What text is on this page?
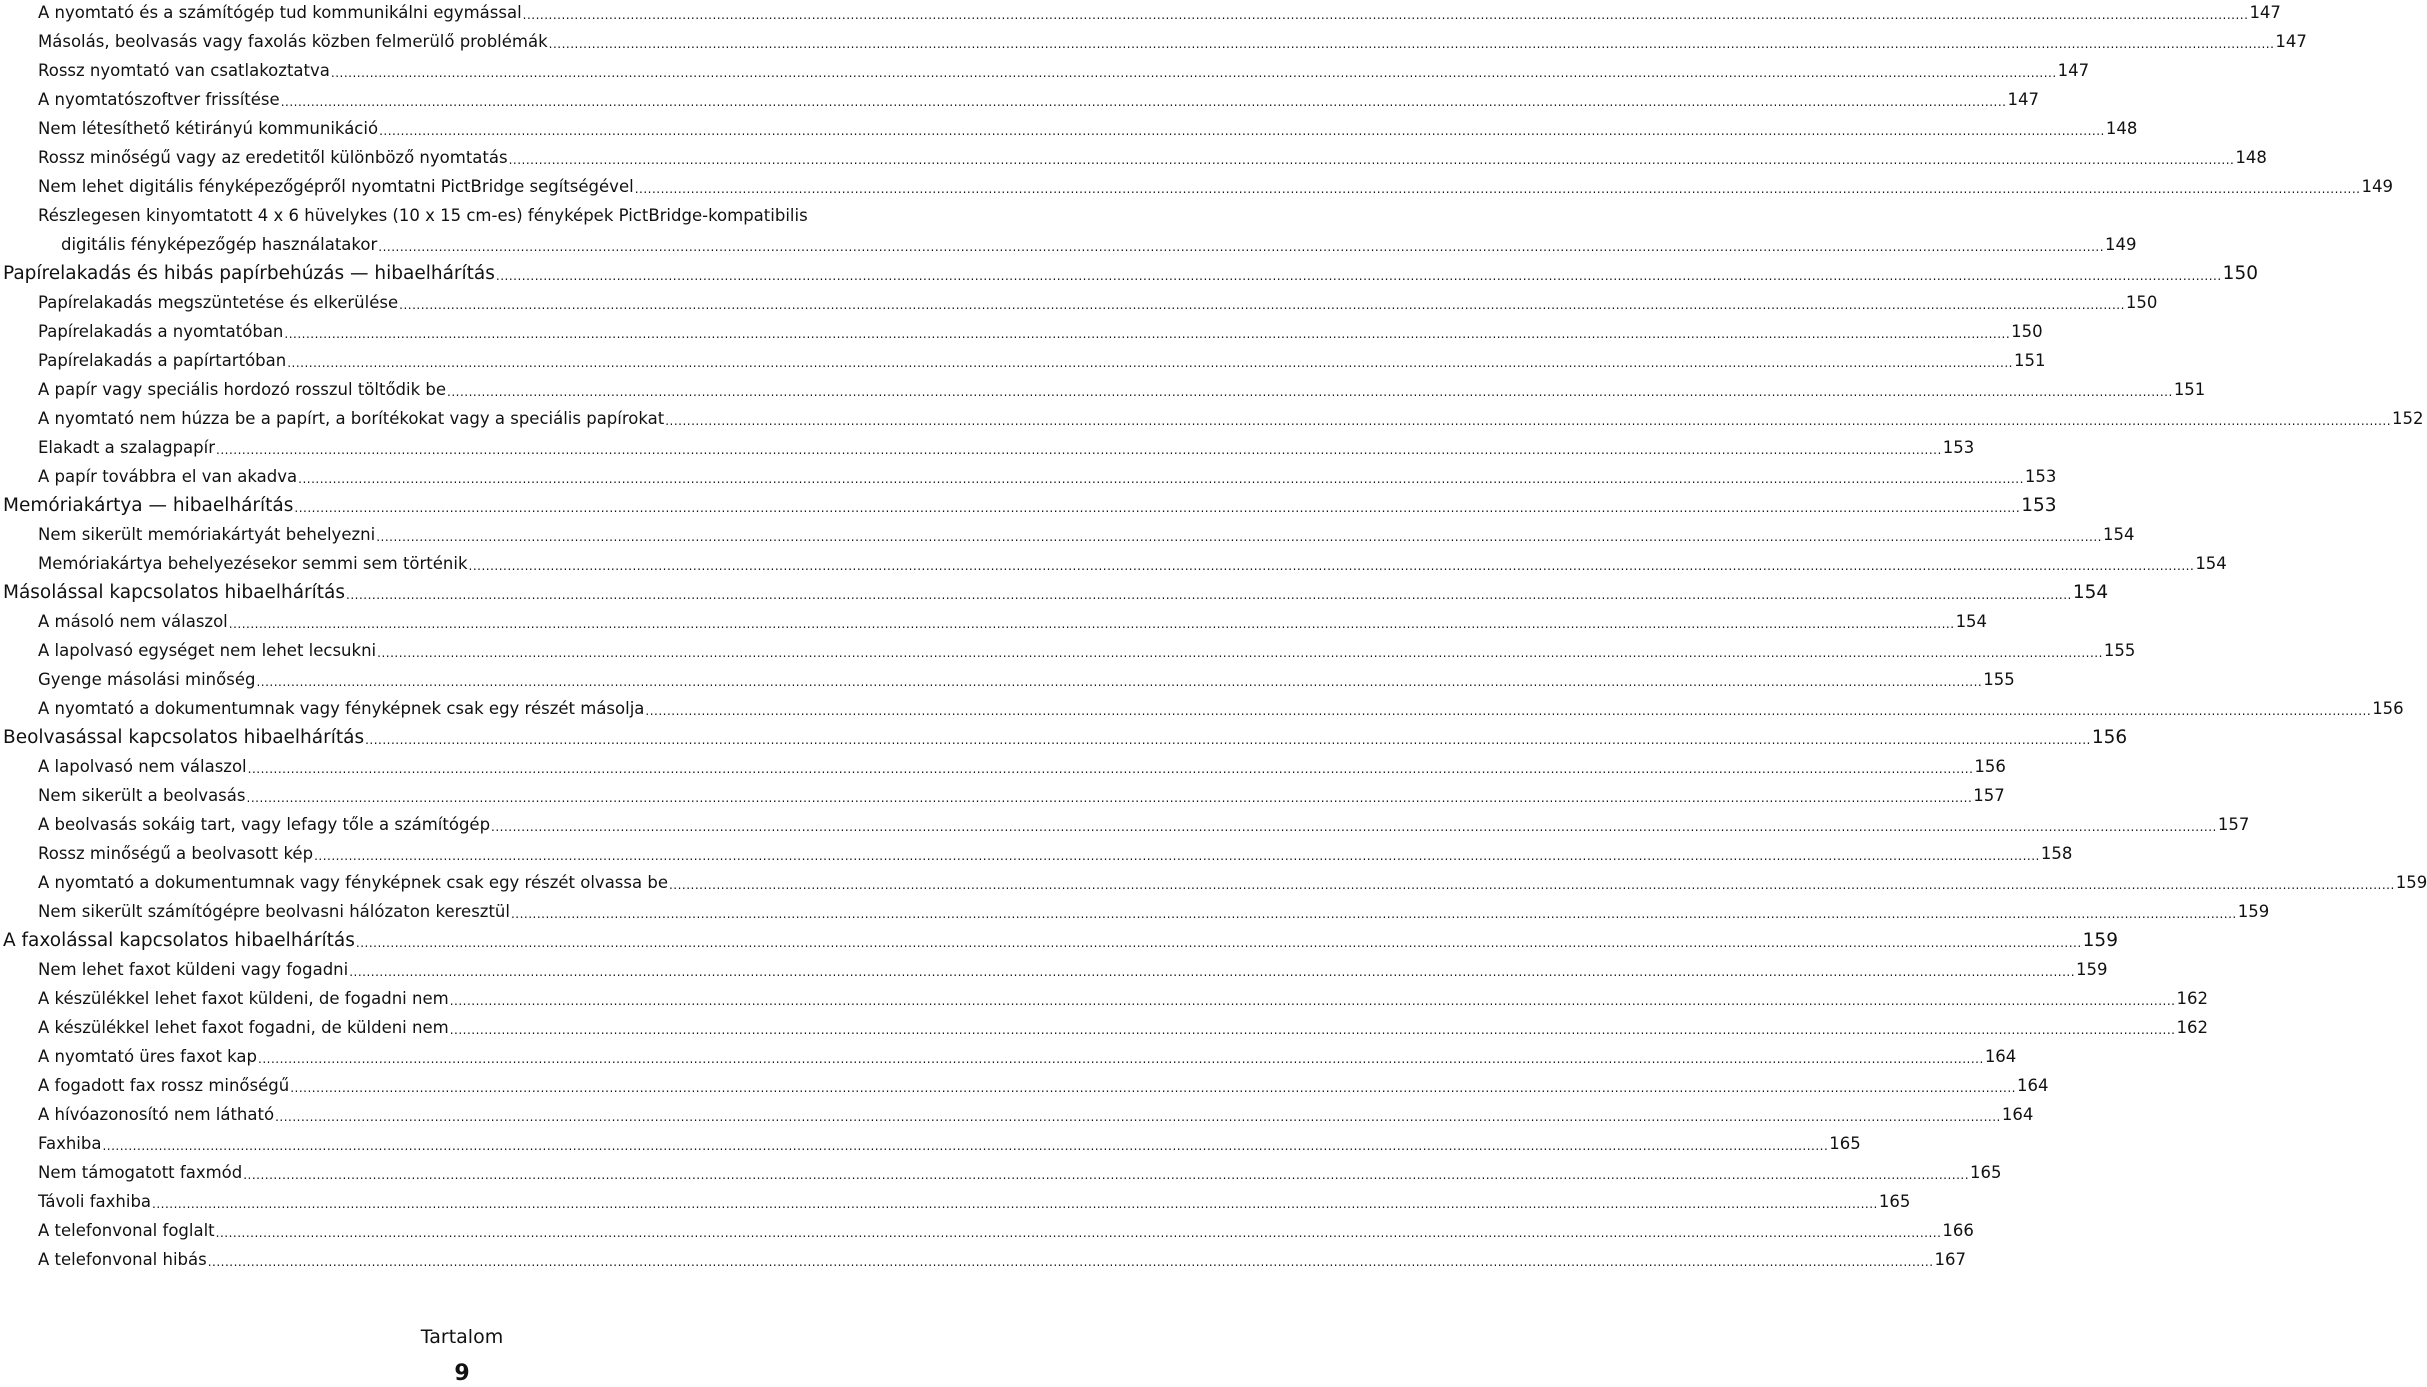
A nyomtató és a számítógép tud kommunikálni egymással ................................................................................................................................................................................................................................................................................................................................................................................................................ 147
Másolás, beolvasás vagy faxolás közben felmerülő problémák ................................................................................................................................................................................................................................................................................................................................................................................................................ 147
Rossz nyomtató van csatlakoztatva ................................................................................................................................................................................................................................................................................................................................................................................................................ 147
A nyomtatószoftver frissítése ................................................................................................................................................................................................................................................................................................................................................................................................................ 147
Nem létesíthető kétirányú kommunikáció ................................................................................................................................................................................................................................................................................................................................................................................................................ 148
Rossz minőségű vagy az eredetitől különböző nyomtatás ................................................................................................................................................................................................................................................................................................................................................................................................................ 148
Nem lehet digitális fényképezőgépről nyomtatni PictBridge segítségével ................................................................................................................................................................................................................................................................................................................................................................................................................ 149
Részlegesen kinyomtatott 4 x 6 hüvelykes (10 x 15 cm-es) fényképek PictBridge-kompatibilis
digitális fényképezőgép használatakor ................................................................................................................................................................................................................................................................................................................................................................................................................ 149
Papírelakadás és hibás papírbehúzás — hibaelhárítás ................................................................................................................................................................................................................................................................................................................................................................................................................ 150
Papírelakadás megszüntetése és elkerülése ................................................................................................................................................................................................................................................................................................................................................................................................................ 150
Papírelakadás a nyomtatóban ................................................................................................................................................................................................................................................................................................................................................................................................................ 150
Papírelakadás a papírtartóban ................................................................................................................................................................................................................................................................................................................................................................................................................ 151
A papír vagy speciális hordozó rosszul töltődik be ................................................................................................................................................................................................................................................................................................................................................................................................................ 151
A nyomtató nem húzza be a papírt, a borítékokat vagy a speciális papírokat ................................................................................................................................................................................................................................................................................................................................................................................................................ 152
Elakadt a szalagpapír ................................................................................................................................................................................................................................................................................................................................................................................................................ 153
A papír továbbra el van akadva ................................................................................................................................................................................................................................................................................................................................................................................................................ 153
Memóriakártya — hibaelhárítás ................................................................................................................................................................................................................................................................................................................................................................................................................ 153
Nem sikerült memóriakártyát behelyezni ................................................................................................................................................................................................................................................................................................................................................................................................................ 154
Memóriakártya behelyezésekor semmi sem történik ................................................................................................................................................................................................................................................................................................................................................................................................................ 154
Másolással kapcsolatos hibaelhárítás ................................................................................................................................................................................................................................................................................................................................................................................................................ 154
A másoló nem válaszol ................................................................................................................................................................................................................................................................................................................................................................................................................ 154
A lapolvasó egységet nem lehet lecsukni ................................................................................................................................................................................................................................................................................................................................................................................................................ 155
Gyenge másolási minőség ................................................................................................................................................................................................................................................................................................................................................................................................................ 155
A nyomtató a dokumentumnak vagy fényképnek csak egy részét másolja ................................................................................................................................................................................................................................................................................................................................................................................................................ 156
Beolvasással kapcsolatos hibaelhárítás ................................................................................................................................................................................................................................................................................................................................................................................................................ 156
A lapolvasó nem válaszol ................................................................................................................................................................................................................................................................................................................................................................................................................ 156
Nem sikerült a beolvasás ................................................................................................................................................................................................................................................................................................................................................................................................................ 157
A beolvasás sokáig tart, vagy lefagy tőle a számítógép ................................................................................................................................................................................................................................................................................................................................................................................................................ 157
Rossz minőségű a beolvasott kép ................................................................................................................................................................................................................................................................................................................................................................................................................ 158
A nyomtató a dokumentumnak vagy fényképnek csak egy részét olvassa be ................................................................................................................................................................................................................................................................................................................................................................................................................ 159
Nem sikerült számítógépre beolvasni hálózaton keresztül ................................................................................................................................................................................................................................................................................................................................................................................................................ 159
A faxolással kapcsolatos hibaelhárítás ................................................................................................................................................................................................................................................................................................................................................................................................................ 159
Nem lehet faxot küldeni vagy fogadni ................................................................................................................................................................................................................................................................................................................................................................................................................ 159
A készülékkel lehet faxot küldeni, de fogadni nem ................................................................................................................................................................................................................................................................................................................................................................................................................ 162
A készülékkel lehet faxot fogadni, de küldeni nem ................................................................................................................................................................................................................................................................................................................................................................................................................ 162
A nyomtató üres faxot kap ................................................................................................................................................................................................................................................................................................................................................................................................................ 164
A fogadott fax rossz minőségű ................................................................................................................................................................................................................................................................................................................................................................................................................ 164
A hívóazonosító nem látható ................................................................................................................................................................................................................................................................................................................................................................................................................ 164
Faxhiba ................................................................................................................................................................................................................................................................................................................................................................................................................ 165
Nem támogatott faxmód ................................................................................................................................................................................................................................................................................................................................................................................................................ 165
Távoli faxhiba ................................................................................................................................................................................................................................................................................................................................................................................................................ 165
A telefonvonal foglalt ................................................................................................................................................................................................................................................................................................................................................................................................................ 166
A telefonvonal hibás ................................................................................................................................................................................................................................................................................................................................................................................................................ 167
Tartalom
9
